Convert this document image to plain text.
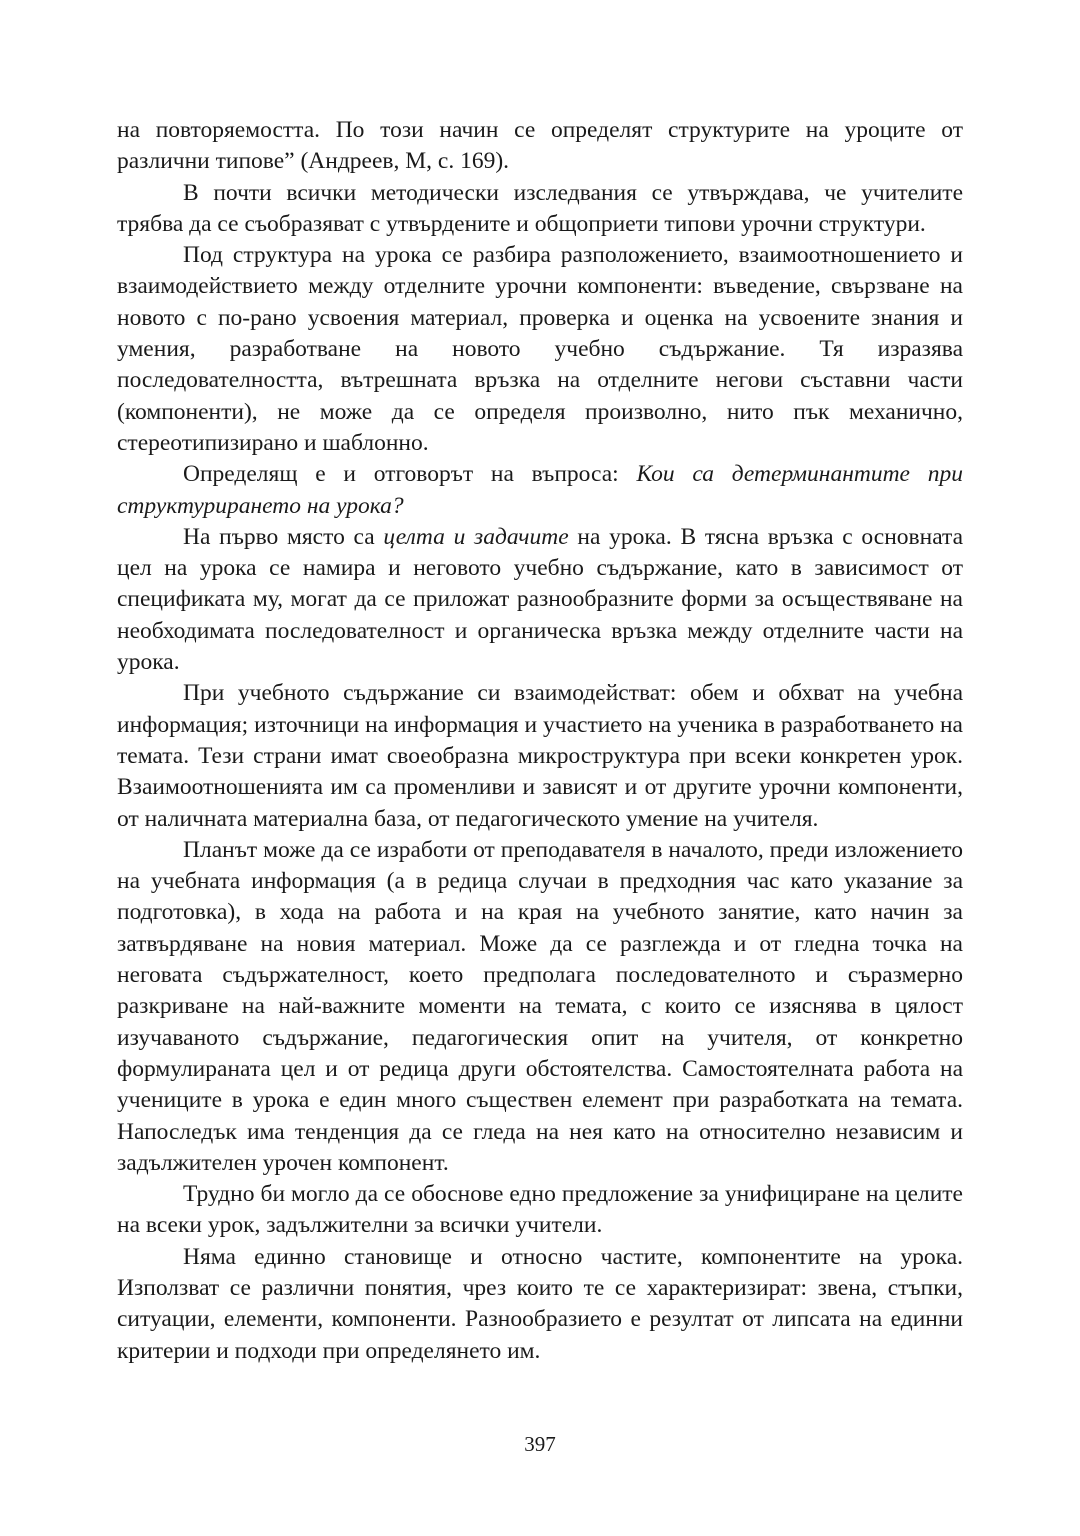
на повторяемостта. По този начин се определят структурите на уроците от различни типове” (Андреев, М, с. 169).

В почти всички методически изследвания се утвърждава, че учителите трябва да се съобразяват с утвърдените и общоприети типови урочни структури.

Под структура на урока се разбира разположението, взаимоотношението и взаимодействието между отделните урочни компоненти: въведение, свързване на новото с по-рано усвоения материал, проверка и оценка на усвоените знания и умения, разработване на новото учебно съдържание. Тя изразява последователността, вътрешната връзка на отделните негови съставни части (компоненти), не може да се определя произволно, нито пък механично, стереотипизирано и шаблонно.

Определящ е и отговорът на въпроса: Кои са детерминантите при структурирането на урока?

На първо място са целта и задачите на урока. В тясна връзка с основната цел на урока се намира и неговото учебно съдържание, като в зависимост от спецификата му, могат да се приложат разнообразните форми за осъществяване на необходимата последователност и органическа връзка между отделните части на урока.

При учебното съдържание си взаимодействат: обем и обхват на учебна информация; източници на информация и участието на ученика в разработването на темата. Тези страни имат своеобразна микроструктура при всеки конкретен урок. Взаимоотношенията им са променливи и зависят и от другите урочни компоненти, от наличната материална база, от педагогическото умение на учителя.

Планът може да се изработи от преподавателя в началото, преди изложението на учебната информация (а в редица случаи в предходния час като указание за подготовка), в хода на работа и на края на учебното занятие, като начин за затвърдяване на новия материал. Може да се разглежда и от гледна точка на неговата съдържателност, което предполага последователното и съразмерно разкриване на най-важните моменти на темата, с които се изяснява в цялост изучаваното съдържание, педагогическия опит на учителя, от конкретно формулираната цел и от редица други обстоятелства. Самостоятелната работа на учениците в урока е един много съществен елемент при разработката на темата. Напоследък има тенденция да се гледа на нея като на относително независим и задължителен урочен компонент.

Трудно би могло да се обоснове едно предложение за унифициране на целите на всеки урок, задължителни за всички учители.

Няма единно становище и относно частите, компонентите на урока. Използват се различни понятия, чрез които те се характеризират: звена, стъпки, ситуации, елементи, компоненти. Разнообразието е резултат от липсата на единни критерии и подходи при определянето им.

397
